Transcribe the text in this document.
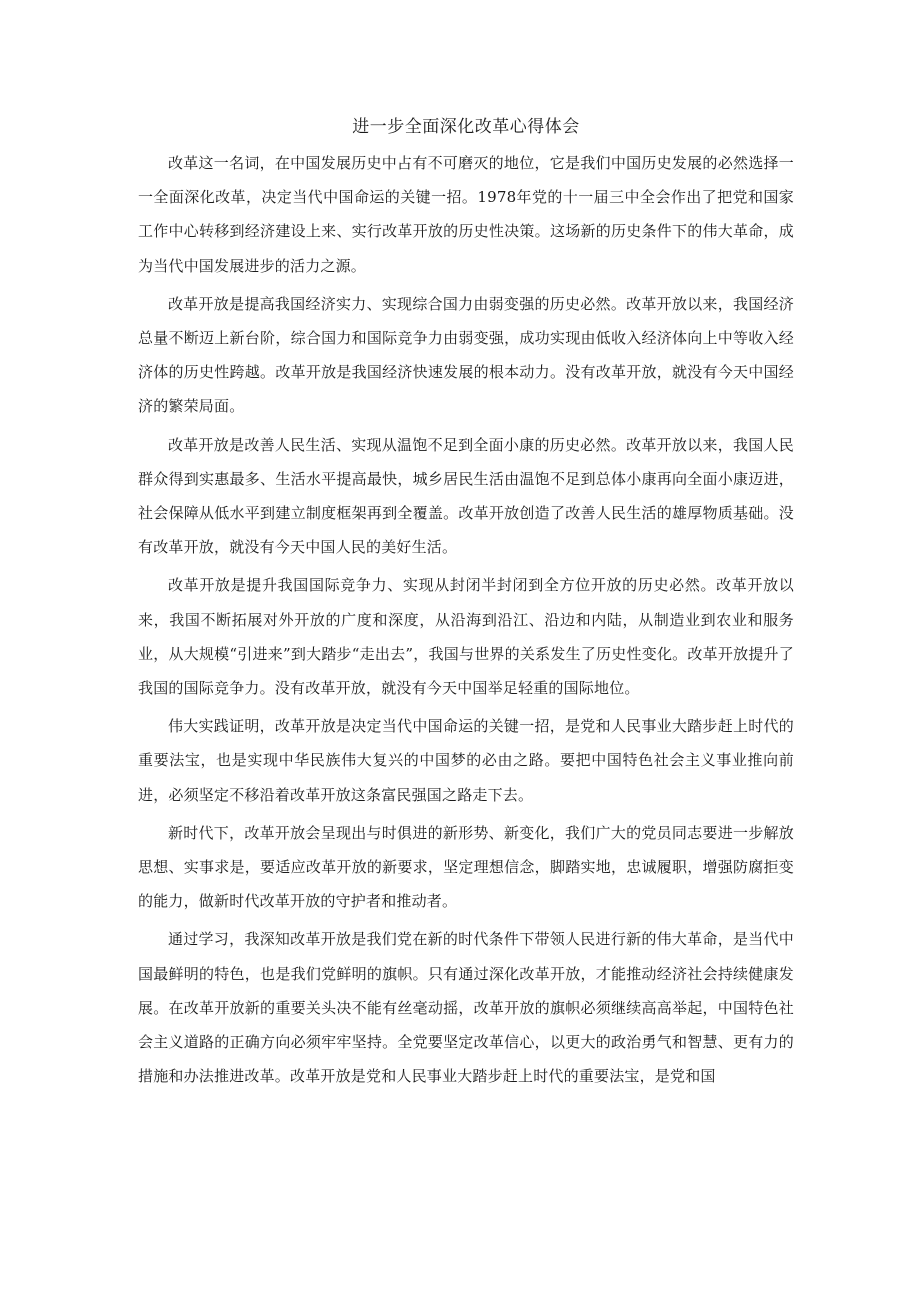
进一步全面深化改革心得体会

改革这一名词，在中国发展历史中占有不可磨灭的地位，它是我们中国历史发展的必然选择一一全面深化改革，决定当代中国命运的关键一招。1978年党的十一届三中全会作出了把党和国家工作中心转移到经济建设上来、实行改革开放的历史性决策。这场新的历史条件下的伟大革命，成为当代中国发展进步的活力之源。

改革开放是提高我国经济实力、实现综合国力由弱变强的历史必然。改革开放以来，我国经济总量不断迈上新台阶，综合国力和国际竞争力由弱变强，成功实现由低收入经济体向上中等收入经济体的历史性跨越。改革开放是我国经济快速发展的根本动力。没有改革开放，就没有今天中国经济的繁荣局面。

改革开放是改善人民生活、实现从温饱不足到全面小康的历史必然。改革开放以来，我国人民群众得到实惠最多、生活水平提高最快，城乡居民生活由温饱不足到总体小康再向全面小康迈进，社会保障从低水平到建立制度框架再到全覆盖。改革开放创造了改善人民生活的雄厚物质基础。没有改革开放，就没有今天中国人民的美好生活。

改革开放是提升我国国际竞争力、实现从封闭半封闭到全方位开放的历史必然。改革开放以来，我国不断拓展对外开放的广度和深度，从沿海到沿江、沿边和内陆，从制造业到农业和服务业，从大规模“引进来”到大踏步“走出去”，我国与世界的关系发生了历史性变化。改革开放提升了我国的国际竞争力。没有改革开放，就没有今天中国举足轻重的国际地位。

伟大实践证明，改革开放是决定当代中国命运的关键一招，是党和人民事业大踏步赶上时代的重要法宝，也是实现中华民族伟大复兴的中国梦的必由之路。要把中国特色社会主义事业推向前进，必须坚定不移沿着改革开放这条富民强国之路走下去。

新时代下，改革开放会呈现出与时俱进的新形势、新变化，我们广大的党员同志要进一步解放思想、实事求是，要适应改革开放的新要求，坚定理想信念，脚踏实地，忠诚履职，增强防腐拒变的能力，做新时代改革开放的守护者和推动者。

通过学习，我深知改革开放是我们党在新的时代条件下带领人民进行新的伟大革命，是当代中国最鲜明的特色，也是我们党鲜明的旗帜。只有通过深化改革开放，才能推动经济社会持续健康发展。在改革开放新的重要关头决不能有丝毫动摇，改革开放的旗帜必须继续高高举起，中国特色社会主义道路的正确方向必须牢牢坚持。全党要坚定改革信心，以更大的政治勇气和智慧、更有力的措施和办法推进改革。改革开放是党和人民事业大踏步赶上时代的重要法宝，是党和国
